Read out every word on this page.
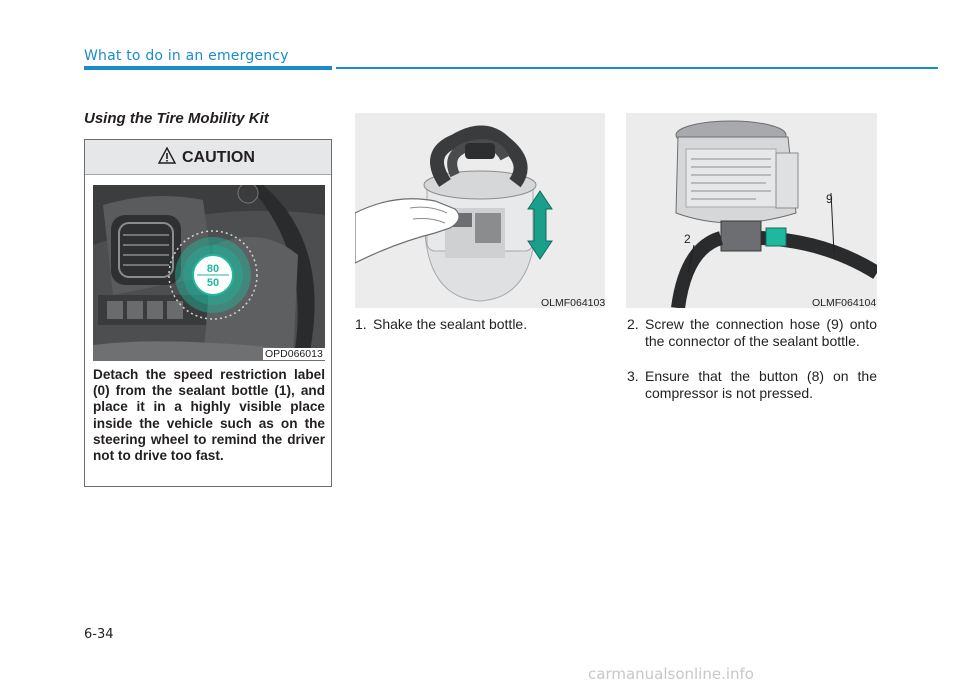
What to do in an emergency
Using the Tire Mobility Kit
CAUTION
80
50
OPD066013
Detach the speed restriction label (0) from the sealant bottle (1), and place it in a highly visible place inside the vehicle such as on the steering wheel to remind the driver not to drive too fast.
OLMF064103
9
2
OLMF064104
1. Shake the sealant bottle.	2. Screw the connection hose (9) onto the connector of the sealant bottle.
3. Ensure that the button (8) on the compressor is not pressed.
6-34
carmanualsonline.info
